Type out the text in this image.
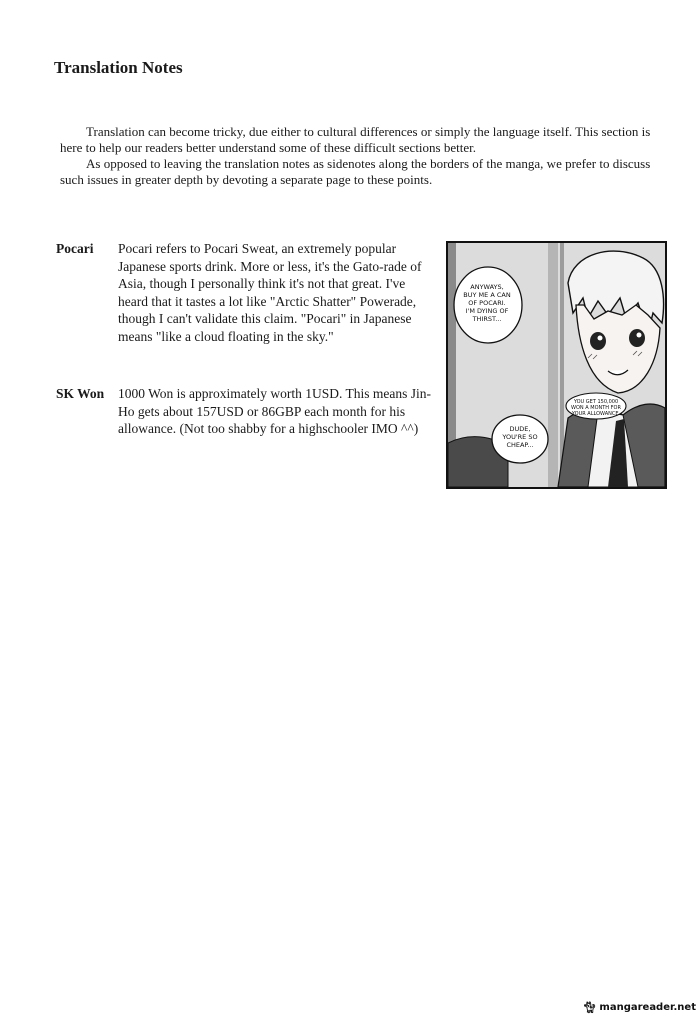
Translation Notes

Translation can become tricky, due either to cultural differences or simply the language itself. This section is here to help our readers better understand some of these difficult sections better.

As opposed to leaving the translation notes as sidenotes along the borders of the manga, we prefer to discuss such issues in greater depth by devoting a separate page to these points.

Pocari	Pocari refers to Pocari Sweat, an extremely popular Japanese sports drink. More or less, it's the Gato-rade of Asia, though I personally think it's not that great. I've heard that it tastes a lot like "Arctic Shatter" Powerade, though I can't validate this claim. "Pocari" in Japanese means "like a cloud floating in the sky."
SK Won	1000 Won is approximately worth 1USD. This means Jin-Ho gets about 157USD or 86GBP each month for his allowance. (Not too shabby for a highschooler IMO ^^)
ANYWAYS,
BUY ME A CAN
OF POCARI.
I'M DYING OF
THIRST...
YOU GET 150,000
WON A MONTH FOR
YOUR ALLOWANCE.
DUDE,
YOU'RE SO
CHEAP...
🐈︎ mangareader.net
